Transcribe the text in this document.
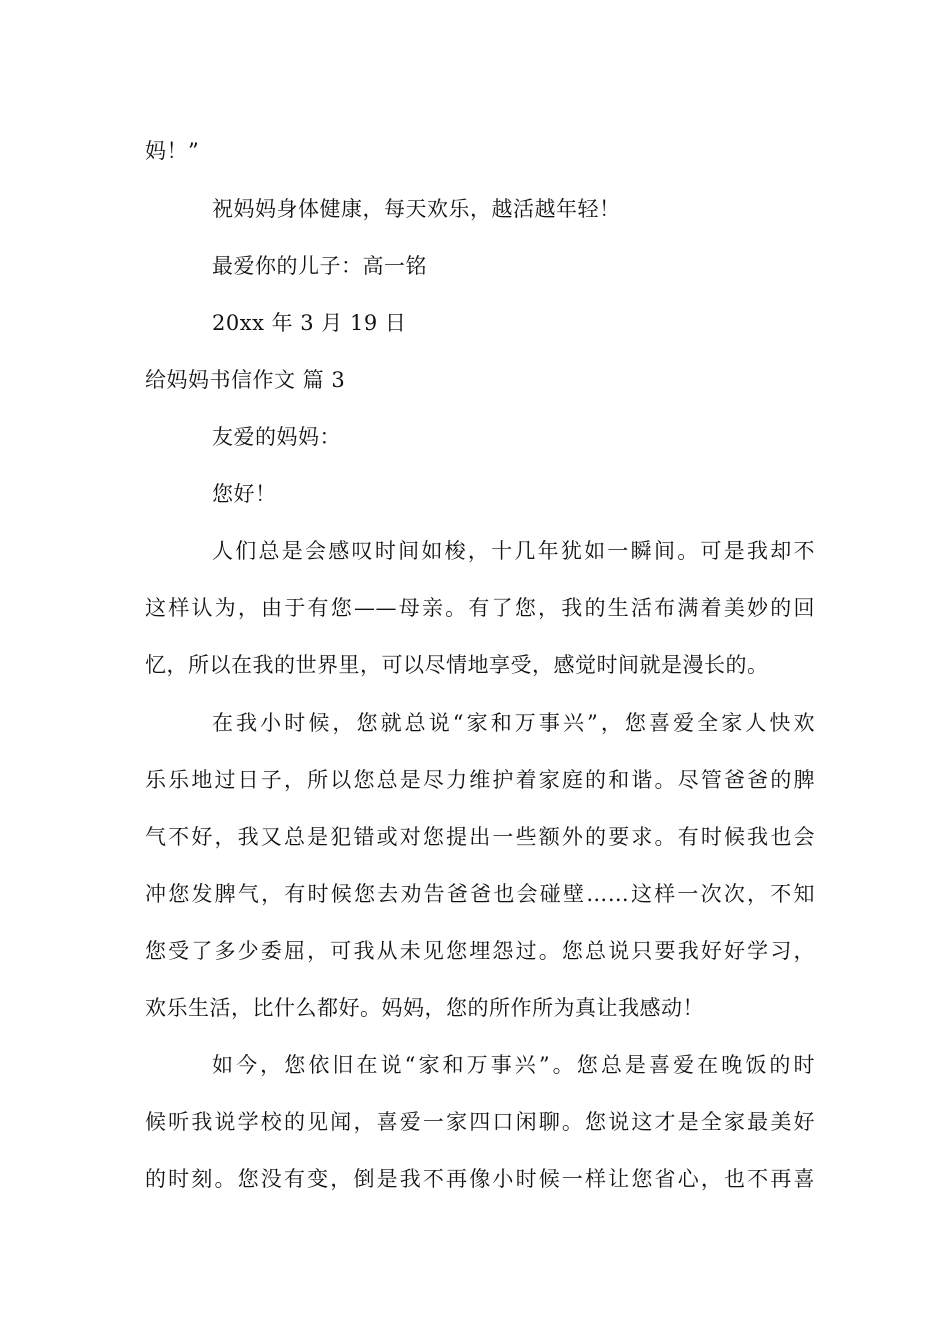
妈！”
祝妈妈身体健康，每天欢乐，越活越年轻！
最爱你的儿子：高一铭
20xx 年 3 月 19 日
给妈妈书信作文 篇 3
友爱的妈妈：
您好！
人们总是会感叹时间如梭，十几年犹如一瞬间。可是我却不
这样认为，由于有您——母亲。有了您，我的生活布满着美妙的回
忆，所以在我的世界里，可以尽情地享受，感觉时间就是漫长的。
在我小时候，您就总说“家和万事兴”，您喜爱全家人快欢
乐乐地过日子，所以您总是尽力维护着家庭的和谐。尽管爸爸的脾
气不好，我又总是犯错或对您提出一些额外的要求。有时候我也会
冲您发脾气，有时候您去劝告爸爸也会碰壁……这样一次次，不知
您受了多少委屈，可我从未见您埋怨过。您总说只要我好好学习，
欢乐生活，比什么都好。妈妈，您的所作所为真让我感动！
如今，您依旧在说“家和万事兴”。您总是喜爱在晚饭的时
候听我说学校的见闻，喜爱一家四口闲聊。您说这才是全家最美好
的时刻。您没有变，倒是我不再像小时候一样让您省心，也不再喜
